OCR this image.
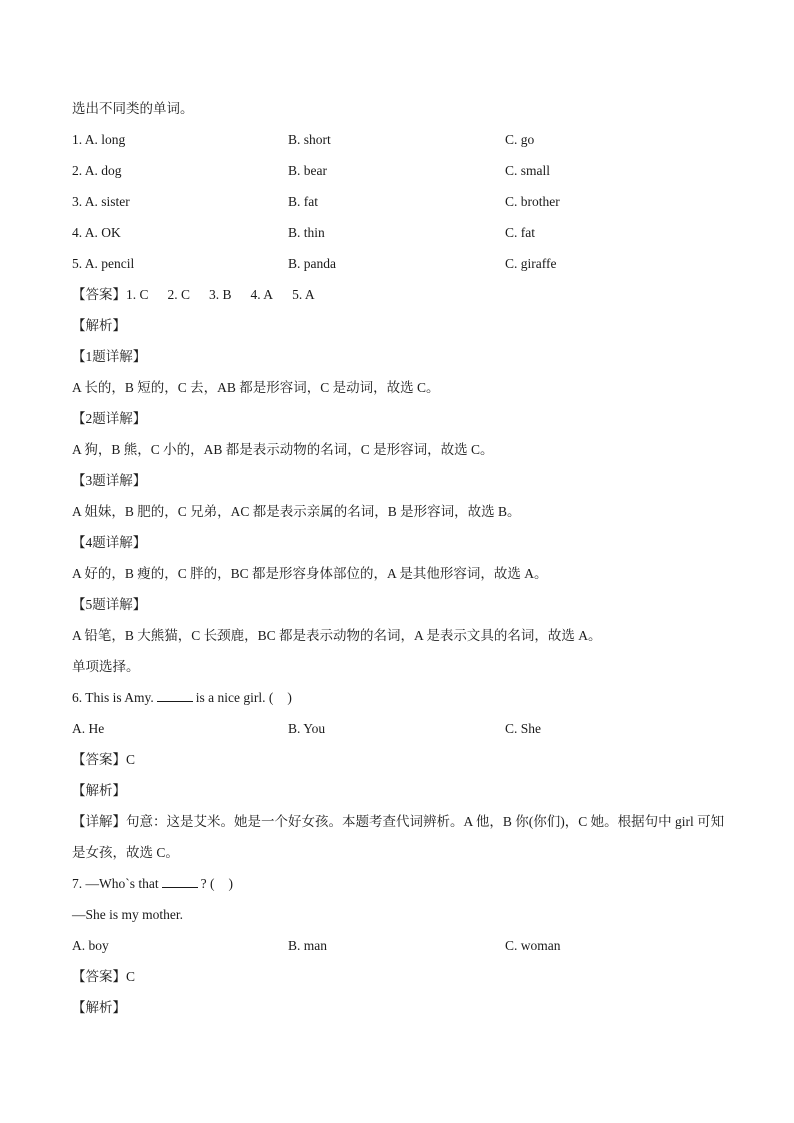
选出不同类的单词。
1. A. long	B. short	C. go
2. A. dog	B. bear	C. small
3. A. sister	B. fat	C. brother
4. A. OK	B. thin	C. fat
5. A. pencil	B. panda	C. giraffe
【答案】1. C 2. C 3. B 4. A 5. A
【解析】
【1题详解】
A 长的，B 短的，C 去，AB 都是形容词，C 是动词，故选 C。
【2题详解】
A 狗，B 熊，C 小的，AB 都是表示动物的名词，C 是形容词，故选 C。
【3题详解】
A 姐妹，B 肥的，C 兄弟，AC 都是表示亲属的名词，B 是形容词，故选 B。
【4题详解】
A 好的，B 瘦的，C 胖的，BC 都是形容身体部位的，A 是其他形容词，故选 A。
【5题详解】
A 铅笔，B 大熊猫，C 长颈鹿，BC 都是表示动物的名词，A 是表示文具的名词，故选 A。
单项选择。
6. This is Amy.	is a nice girl. ( )
A. He	B. You	C. She
【答案】C
【解析】
【详解】句意：这是艾米。她是一个好女孩。本题考查代词辨析。A 他，B 你(你们)，C 她。根据句中 girl 可知是女孩，故选 C。
7. —Who`s that	? ( )
—She is my mother.
A. boy	B. man	C. woman
【答案】C
【解析】
